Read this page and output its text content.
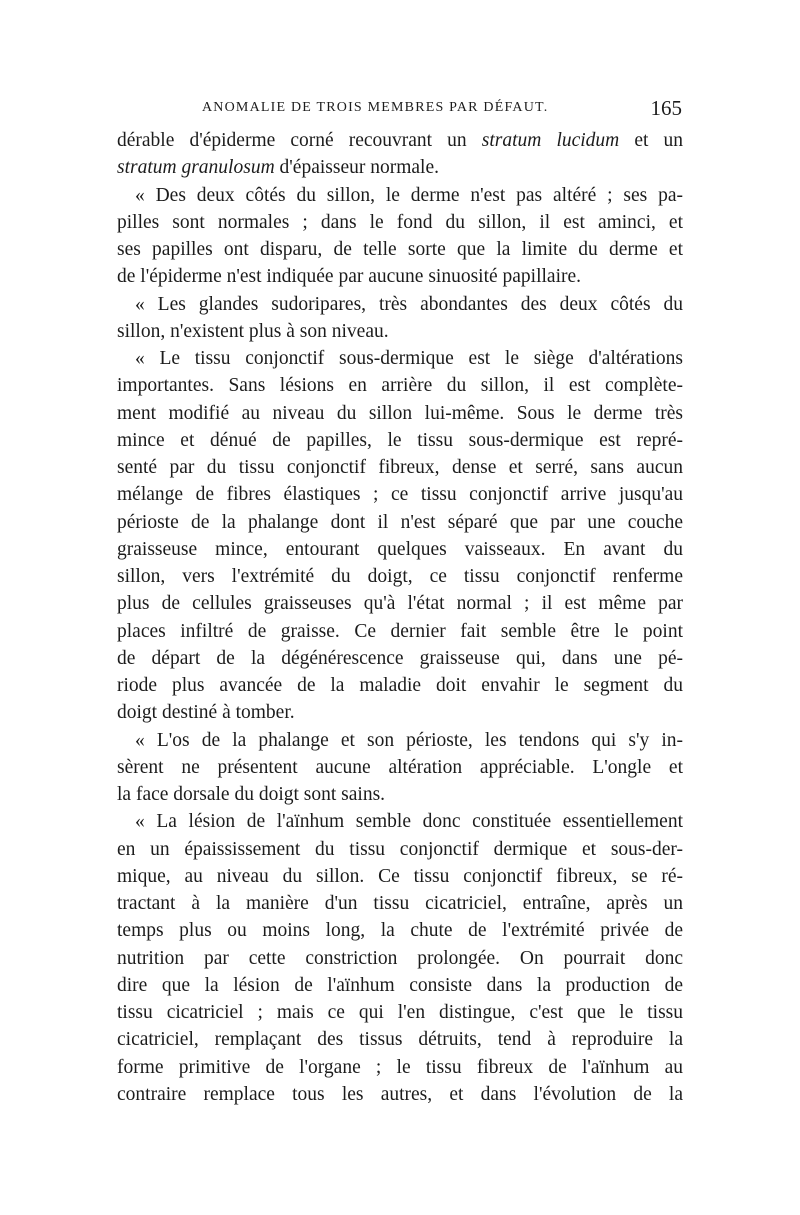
ANOMALIE DE TROIS MEMBRES PAR DÉFAUT.	165
dérable d'épiderme corné recouvrant un stratum lucidum et un
stratum granulosum d'épaisseur normale.
« Des deux côtés du sillon, le derme n'est pas altéré ; ses pa-
pilles sont normales ; dans le fond du sillon, il est aminci, et
ses papilles ont disparu, de telle sorte que la limite du derme et
de l'épiderme n'est indiquée par aucune sinuosité papillaire.
« Les glandes sudoripares, très abondantes des deux côtés du
sillon, n'existent plus à son niveau.
« Le tissu conjonctif sous-dermique est le siège d'altérations
importantes. Sans lésions en arrière du sillon, il est complète-
ment modifié au niveau du sillon lui-même. Sous le derme très
mince et dénué de papilles, le tissu sous-dermique est repré-
senté par du tissu conjonctif fibreux, dense et serré, sans aucun
mélange de fibres élastiques ; ce tissu conjonctif arrive jusqu'au
périoste de la phalange dont il n'est séparé que par une couche
graisseuse mince, entourant quelques vaisseaux. En avant du
sillon, vers l'extrémité du doigt, ce tissu conjonctif renferme
plus de cellules graisseuses qu'à l'état normal ; il est même par
places infiltré de graisse. Ce dernier fait semble être le point
de départ de la dégénérescence graisseuse qui, dans une pé-
riode plus avancée de la maladie doit envahir le segment du
doigt destiné à tomber.
« L'os de la phalange et son périoste, les tendons qui s'y in-
sèrent ne présentent aucune altération appréciable. L'ongle et
la face dorsale du doigt sont sains.
« La lésion de l'aïnhum semble donc constituée essentiellement
en un épaississement du tissu conjonctif dermique et sous-der-
mique, au niveau du sillon. Ce tissu conjonctif fibreux, se ré-
tractant à la manière d'un tissu cicatriciel, entraîne, après un
temps plus ou moins long, la chute de l'extrémité privée de
nutrition par cette constriction prolongée. On pourrait donc
dire que la lésion de l'aïnhum consiste dans la production de
tissu cicatriciel ; mais ce qui l'en distingue, c'est que le tissu
cicatriciel, remplaçant des tissus détruits, tend à reproduire la
forme primitive de l'organe ; le tissu fibreux de l'aïnhum au
contraire remplace tous les autres, et dans l'évolution de la
